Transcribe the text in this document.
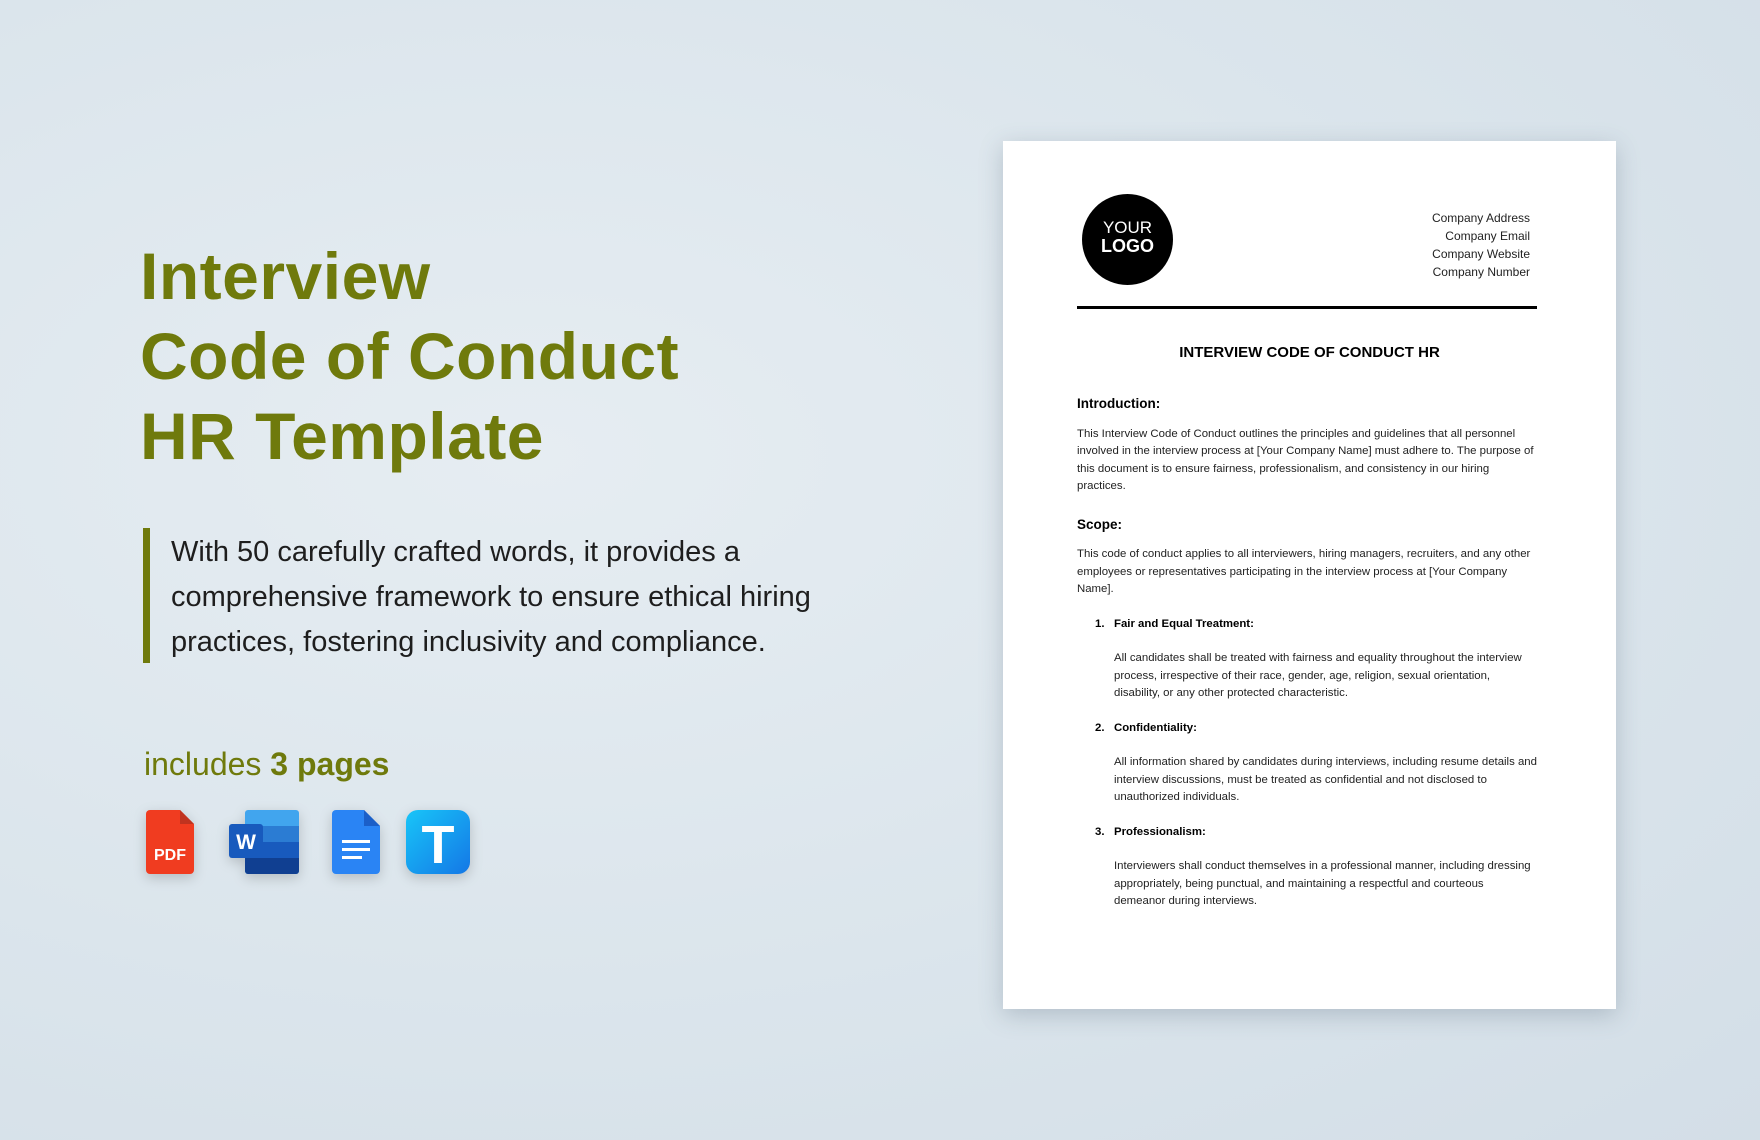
Interview
Code of Conduct
HR Template
With 50 carefully crafted words, it provides a comprehensive framework to ensure ethical hiring practices, fostering inclusivity and compliance.
includes 3 pages
PDF
W	T
YOUR
LOGO
Company Address
Company Email
Company Website
Company Number
INTERVIEW CODE OF CONDUCT HR
Introduction:
This Interview Code of Conduct outlines the principles and guidelines that all personnel involved in the interview process at [Your Company Name] must adhere to. The purpose of this document is to ensure fairness, professionalism, and consistency in our hiring practices.
Scope:
This code of conduct applies to all interviewers, hiring managers, recruiters, and any other employees or representatives participating in the interview process at [Your Company Name].
1. Fair and Equal Treatment:
All candidates shall be treated with fairness and equality throughout the interview process, irrespective of their race, gender, age, religion, sexual orientation, disability, or any other protected characteristic.
2. Confidentiality:
All information shared by candidates during interviews, including resume details and interview discussions, must be treated as confidential and not disclosed to unauthorized individuals.
3. Professionalism:
Interviewers shall conduct themselves in a professional manner, including dressing appropriately, being punctual, and maintaining a respectful and courteous demeanor during interviews.
